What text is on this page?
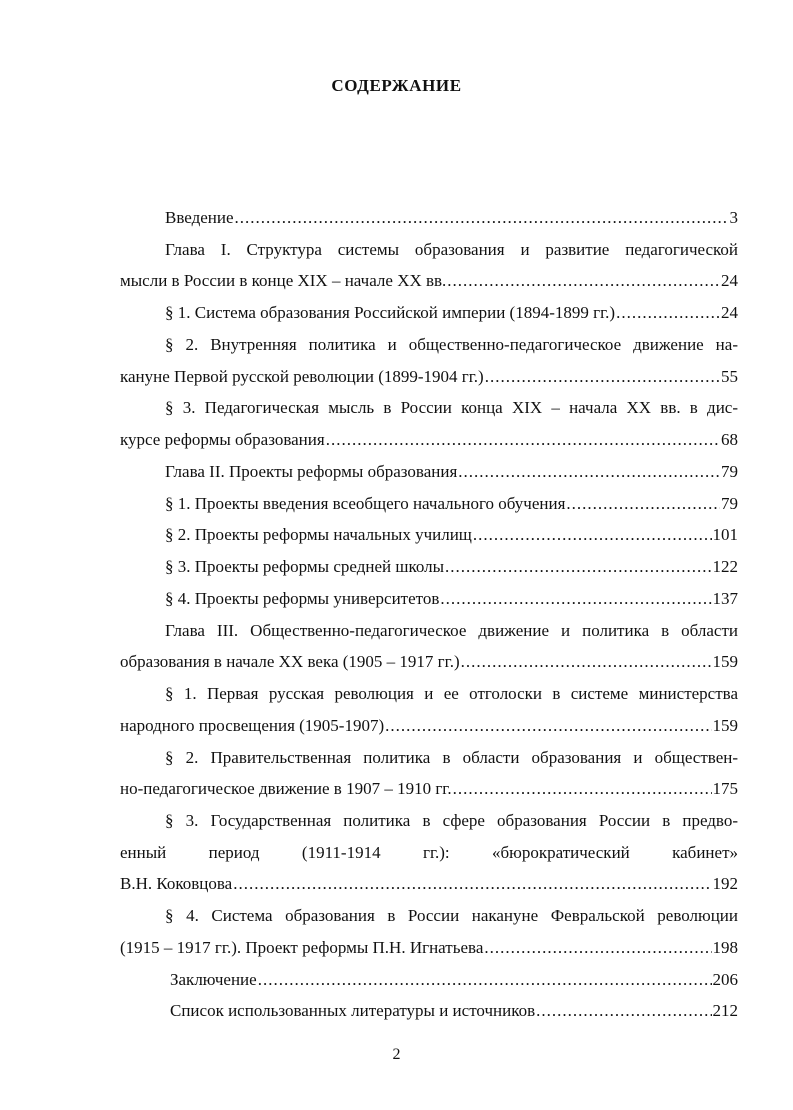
СОДЕРЖАНИЕ
Введение .....	3
Глава I. Структура системы образования и развитие педагогической
мысли в России в конце XIX – начале XX вв. .....	24
§ 1. Система образования Российской империи (1894-1899 гг.) .....	24
§ 2. Внутренняя политика и общественно-педагогическое движение на-
кануне Первой русской революции (1899-1904 гг.) .....	55
§ 3. Педагогическая мысль в России конца XIX – начала XX вв. в дис-
курсе реформы образования .....	68
Глава II. Проекты реформы образования .....	79
§ 1. Проекты введения всеобщего начального обучения .....	79
§ 2. Проекты реформы начальных училищ .....	101
§ 3. Проекты реформы средней школы .....	122
§ 4. Проекты реформы университетов .....	137
Глава III. Общественно-педагогическое движение и политика в области
образования в начале XX века (1905 – 1917 гг.) .....	159
§ 1. Первая русская революция и ее отголоски в системе министерства
народного просвещения (1905-1907) .....	159
§ 2. Правительственная политика в области образования и обществен-
но-педагогическое движение в 1907 – 1910 гг. .....	175
§ 3. Государственная политика в сфере образования России в предво-
енный период (1911-1914 гг.): «бюрократический кабинет»
В.Н. Коковцова .....	192
§ 4. Система образования в России накануне Февральской революции
(1915 – 1917 гг.). Проект реформы П.Н. Игнатьева .....	198
Заключение .....	206
Список использованных литературы и источников .....	212
2
